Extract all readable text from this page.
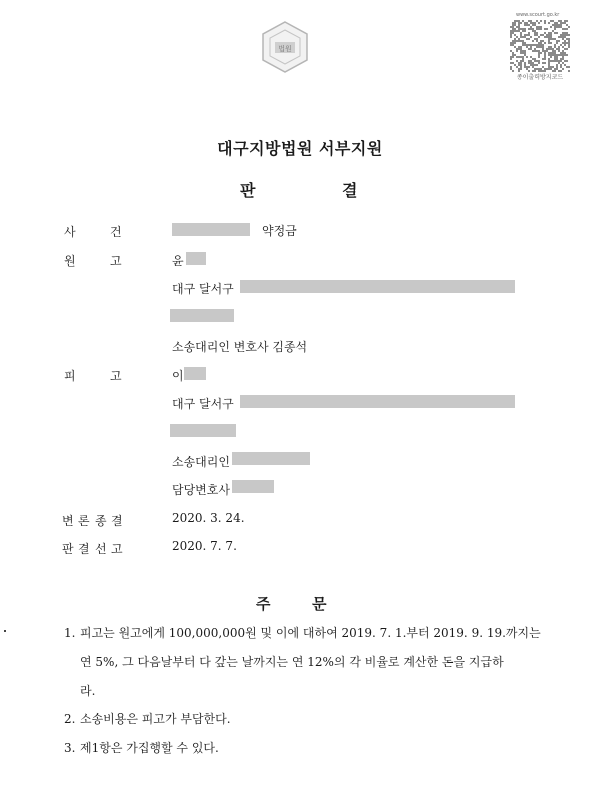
법원
www.scourt.go.kr
종이출력방지코드
대구지방법원 서부지원
판	결
사	건	약정금
원	고	윤
대구 달서구
소송대리인 변호사 김종석
피	고	이
대구 달서구
소송대리인
담당변호사
변 론 종 결	2020. 3. 24.
판 결 선 고	2020. 7. 7.
주	문
1. 피고는 원고에게 100,000,000원 및 이에 대하여 2019. 7. 1.부터 2019. 9. 19.까지는
연 5%, 그 다음날부터 다 갚는 날까지는 연 12%의 각 비율로 계산한 돈을 지급하
라.
2. 소송비용은 피고가 부담한다.
3. 제1항은 가집행할 수 있다.
